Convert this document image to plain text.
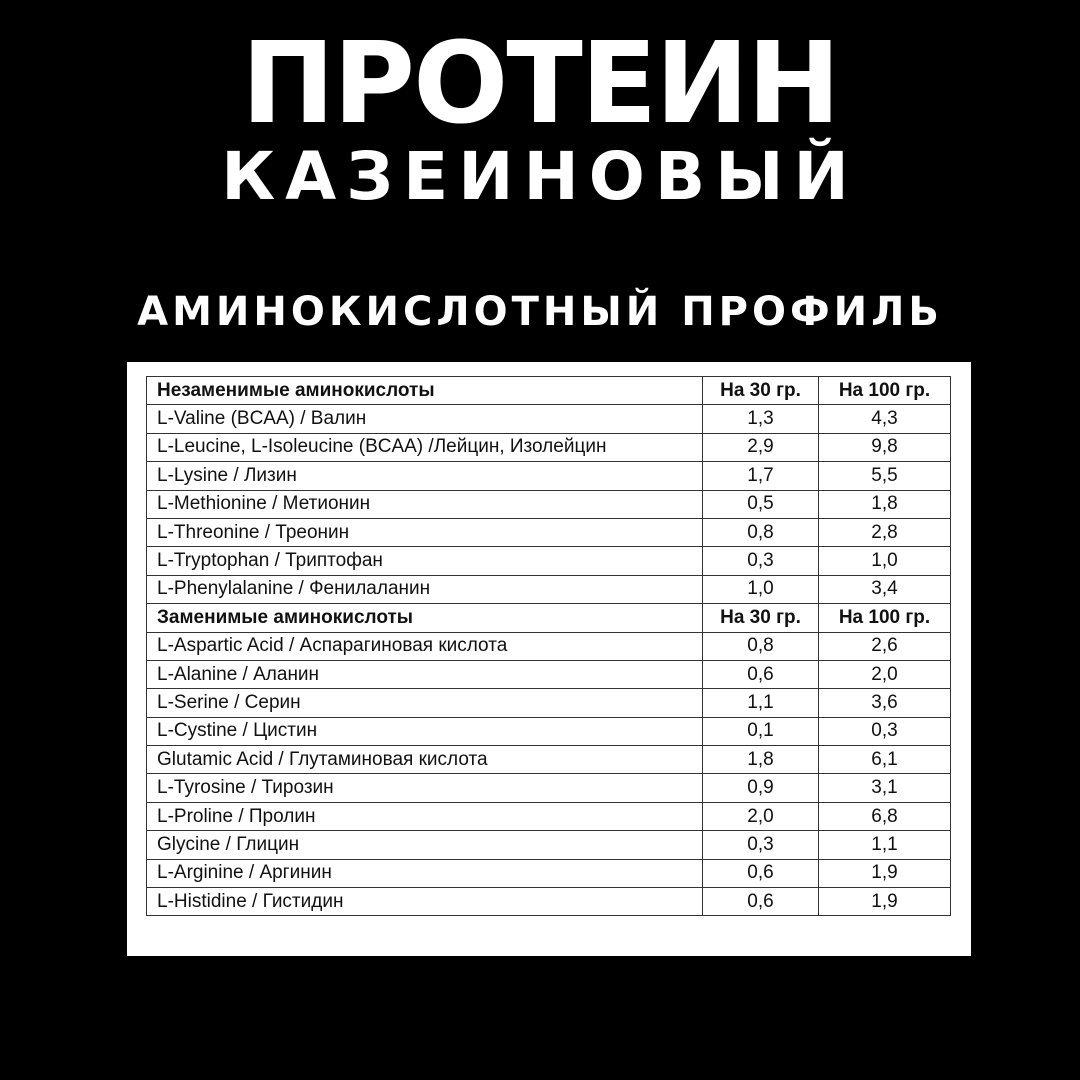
ПРОТЕИН
КАЗЕИНОВЫЙ
АМИНОКИСЛОТНЫЙ ПРОФИЛЬ
Незаменимые аминокислоты	На 30 гр.	На 100 гр.
L-Valine (BCAA) / Валин	1,3	4,3
L-Leucine, L-Isoleucine (BCAA) /Лейцин, Изолейцин	2,9	9,8
L-Lysine / Лизин	1,7	5,5
L-Methionine / Метионин	0,5	1,8
L-Threonine / Треонин	0,8	2,8
L-Tryptophan / Триптофан	0,3	1,0
L-Phenylalanine / Фенилаланин	1,0	3,4
Заменимые аминокислоты	На 30 гр.	На 100 гр.
L-Aspartic Acid / Аспарагиновая кислота	0,8	2,6
L-Alanine / Аланин	0,6	2,0
L-Serine / Серин	1,1	3,6
L-Cystine / Цистин	0,1	0,3
Glutamic Acid / Глутаминовая кислота	1,8	6,1
L-Tyrosine / Тирозин	0,9	3,1
L-Proline / Пролин	2,0	6,8
Glycine / Глицин	0,3	1,1
L-Arginine / Аргинин	0,6	1,9
L-Histidine / Гистидин	0,6	1,9
